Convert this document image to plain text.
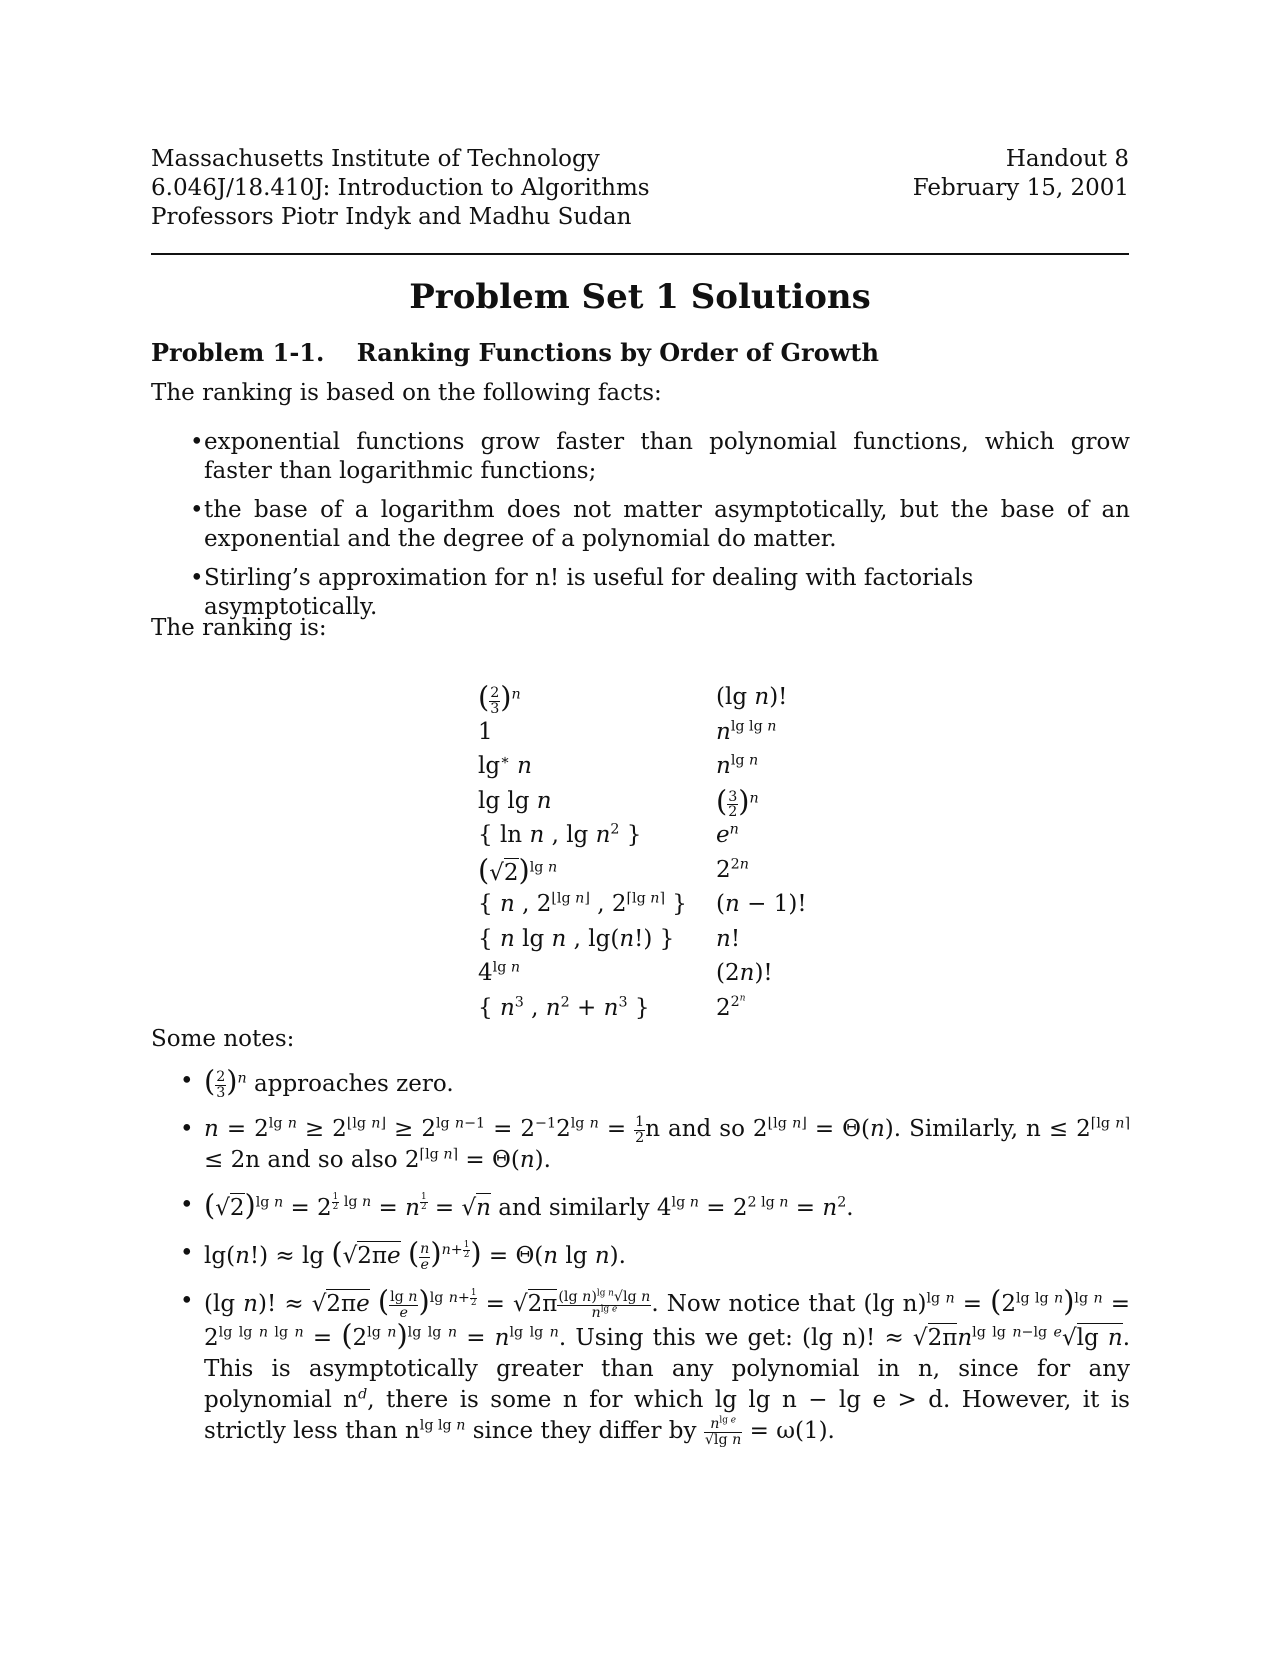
Massachusetts Institute of Technology
6.046J/18.410J: Introduction to Algorithms
Professors Piotr Indyk and Madhu Sudan
Handout 8
February 15, 2001
Problem Set 1 Solutions
Problem 1-1. Ranking Functions by Order of Growth
The ranking is based on the following facts:
• exponential functions grow faster than polynomial functions, which grow faster than logarithmic functions;
• the base of a logarithm does not matter asymptotically, but the base of an exponential and the degree of a polynomial do matter.
• Stirling’s approximation for n! is useful for dealing with factorials asymptotically.
The ranking is:
( $\frac{2}{3} )^n$
1
lg∗ n
lg lg n
{ ln n , $\lg n^2$ }
$(√2)^{lg n}$
{ n , $2^{⌊lg n⌋}$ , $2^{⌈lg n⌉}$ }
{ n lg n , lg(n!) }
$4^{lg n}$
{ $n^3$ , $n^2 + n^3$ }
(lg n)!
$n^{lg lg n}$
$n^{lg n}$
( $\frac{3}{2} )^n$
$e^n$
$2^{2n}$
(n − 1)!
n!
(2n)!
$2^{2^n}$
Some notes:
• ( $\frac{2}{3} )^n$ approaches zero.
• $n = 2^{lg n} \ge 2^{⌊lg n⌋} \ge 2^{lg n-1} = 2^{-1}2^{lg n} = \frac{1}{2}$ n and so $2^{⌊lg n⌋} = \Theta(n)$. Similarly, $n \le 2^{⌈lg n⌉} \le 2n$ and so also $2^{⌈lg n⌉} = \Theta(n)$.
• $(√2)^{lg n} = 2$ $^{\frac{1}{2} lg n}$ = n $^{\frac{1}{2}}$ = √n and similarly $4^{lg n} = 2^{2 lg n} = n^2$.
• lg(n!) ≈ lg (√2πe ( $\frac{n}{e} )^{n+ \frac{1}{2}}$ ) = Θ(n lg n).
• (lg n)! ≈ √2πe ( $\frac{\text{lg n}}{e} )^{lg n+ \frac{1}{2}} = √2\pi \frac{(\lg n)^{lg n}√\lg n}{n^{lg e}}$ . Now notice that (lg $n)^{lg n} = (2^{lg lg n})^{lg n} = 2^{lg lg n lg n} = (2^{lg n})^{lg lg n} = n^{lg lg n}$. Using this we get: (lg n)! ≈ $√2\pi n^{lg lg n-lg e}√\lg$ n. This is asymptotically greater than any polynomial in n, since for any polynomial $n^d$, there is some n for which lg lg n − lg e > d. However, it is strictly less than $n^{lg lg n}$ since they differ by $\frac{n^{lg e}}{\text{√lg n}} = \omega(1)$.
